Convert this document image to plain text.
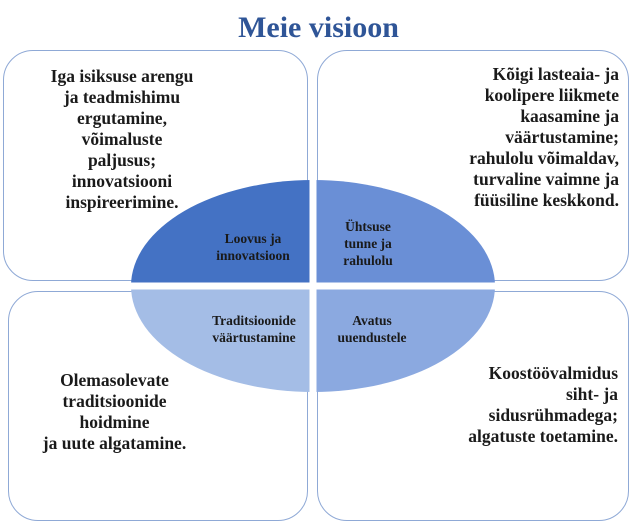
Meie visioon
Iga isiksuse arengu
ja teadmishimu
ergutamine,
võimaluste
paljusus;
innovatsiooni
inspireerimine.
Kõigi lasteaia- ja
koolipere liikmete
kaasamine ja
väärtustamine;
rahulolu võimaldav,
turvaline vaimne ja
füüsiline keskkond.
Olemasolevate
traditsioonide
hoidmine
ja uute algatamine.
Koostöövalmidus
siht- ja
sidusrühmadega;
algatuste toetamine.
Loovus ja
innovatsioon
Ühtsuse
tunne ja
rahulolu
Traditsioonide
väärtustamine
Avatus
uuendustele
